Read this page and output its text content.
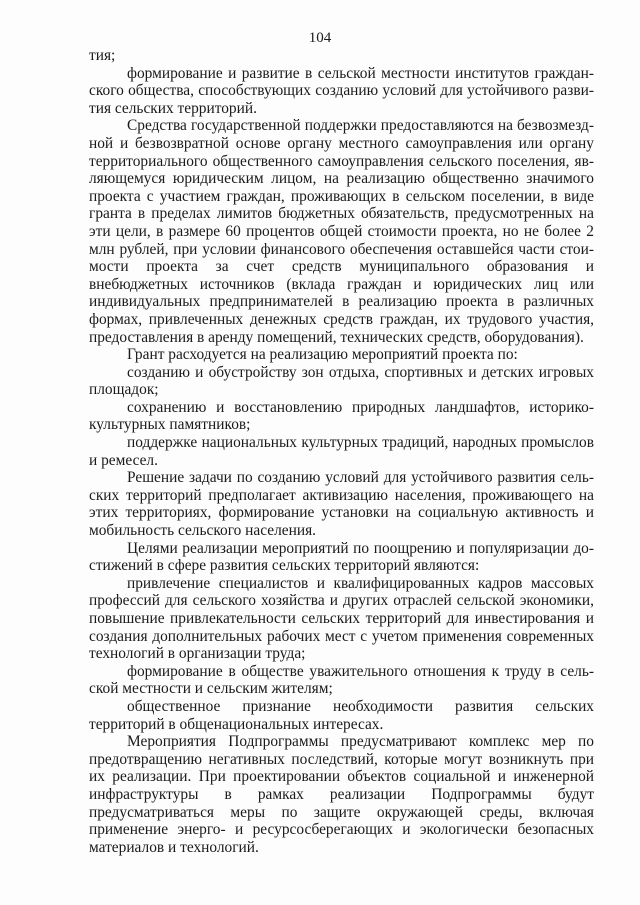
104

тия;

формирование и развитие в сельской местности институтов гражданского общества, способствующих созданию условий для устойчивого развития сельских территорий.

Средства государственной поддержки предоставляются на безвозмездной и безвозвратной основе органу местного самоуправления или органу территориального общественного самоуправления сельского поселения, являющемуся юридическим лицом, на реализацию общественно значимого проекта с участием граждан, проживающих в сельском поселении, в виде гранта в пределах лимитов бюджетных обязательств, предусмотренных на эти цели, в размере 60 процентов общей стоимости проекта, но не более 2 млн рублей, при условии финансового обеспечения оставшейся части стоимости проекта за счет средств муниципального образования и внебюджетных источников (вклада граждан и юридических лиц или индивидуальных предпринимателей в реализацию проекта в различных формах, привлеченных денежных средств граждан, их трудового участия, предоставления в аренду помещений, технических средств, оборудования).

Грант расходуется на реализацию мероприятий проекта по:

созданию и обустройству зон отдыха, спортивных и детских игровых площадок;

сохранению и восстановлению природных ландшафтов, историко-культурных памятников;

поддержке национальных культурных традиций, народных промыслов и ремесел.

Решение задачи по созданию условий для устойчивого развития сельских территорий предполагает активизацию населения, проживающего на этих территориях, формирование установки на социальную активность и мобильность сельского населения.

Целями реализации мероприятий по поощрению и популяризации достижений в сфере развития сельских территорий являются:

привлечение специалистов и квалифицированных кадров массовых профессий для сельского хозяйства и других отраслей сельской экономики, повышение привлекательности сельских территорий для инвестирования и создания дополнительных рабочих мест с учетом применения современных технологий в организации труда;

формирование в обществе уважительного отношения к труду в сельской местности и сельским жителям;

общественное признание необходимости развития сельских территорий в общенациональных интересах.

Мероприятия Подпрограммы предусматривают комплекс мер по предотвращению негативных последствий, которые могут возникнуть при их реализации. При проектировании объектов социальной и инженерной инфраструктуры в рамках реализации Подпрограммы будут предусматриваться меры по защите окружающей среды, включая применение энерго- и ресурсосберегающих и экологически безопасных материалов и технологий.
